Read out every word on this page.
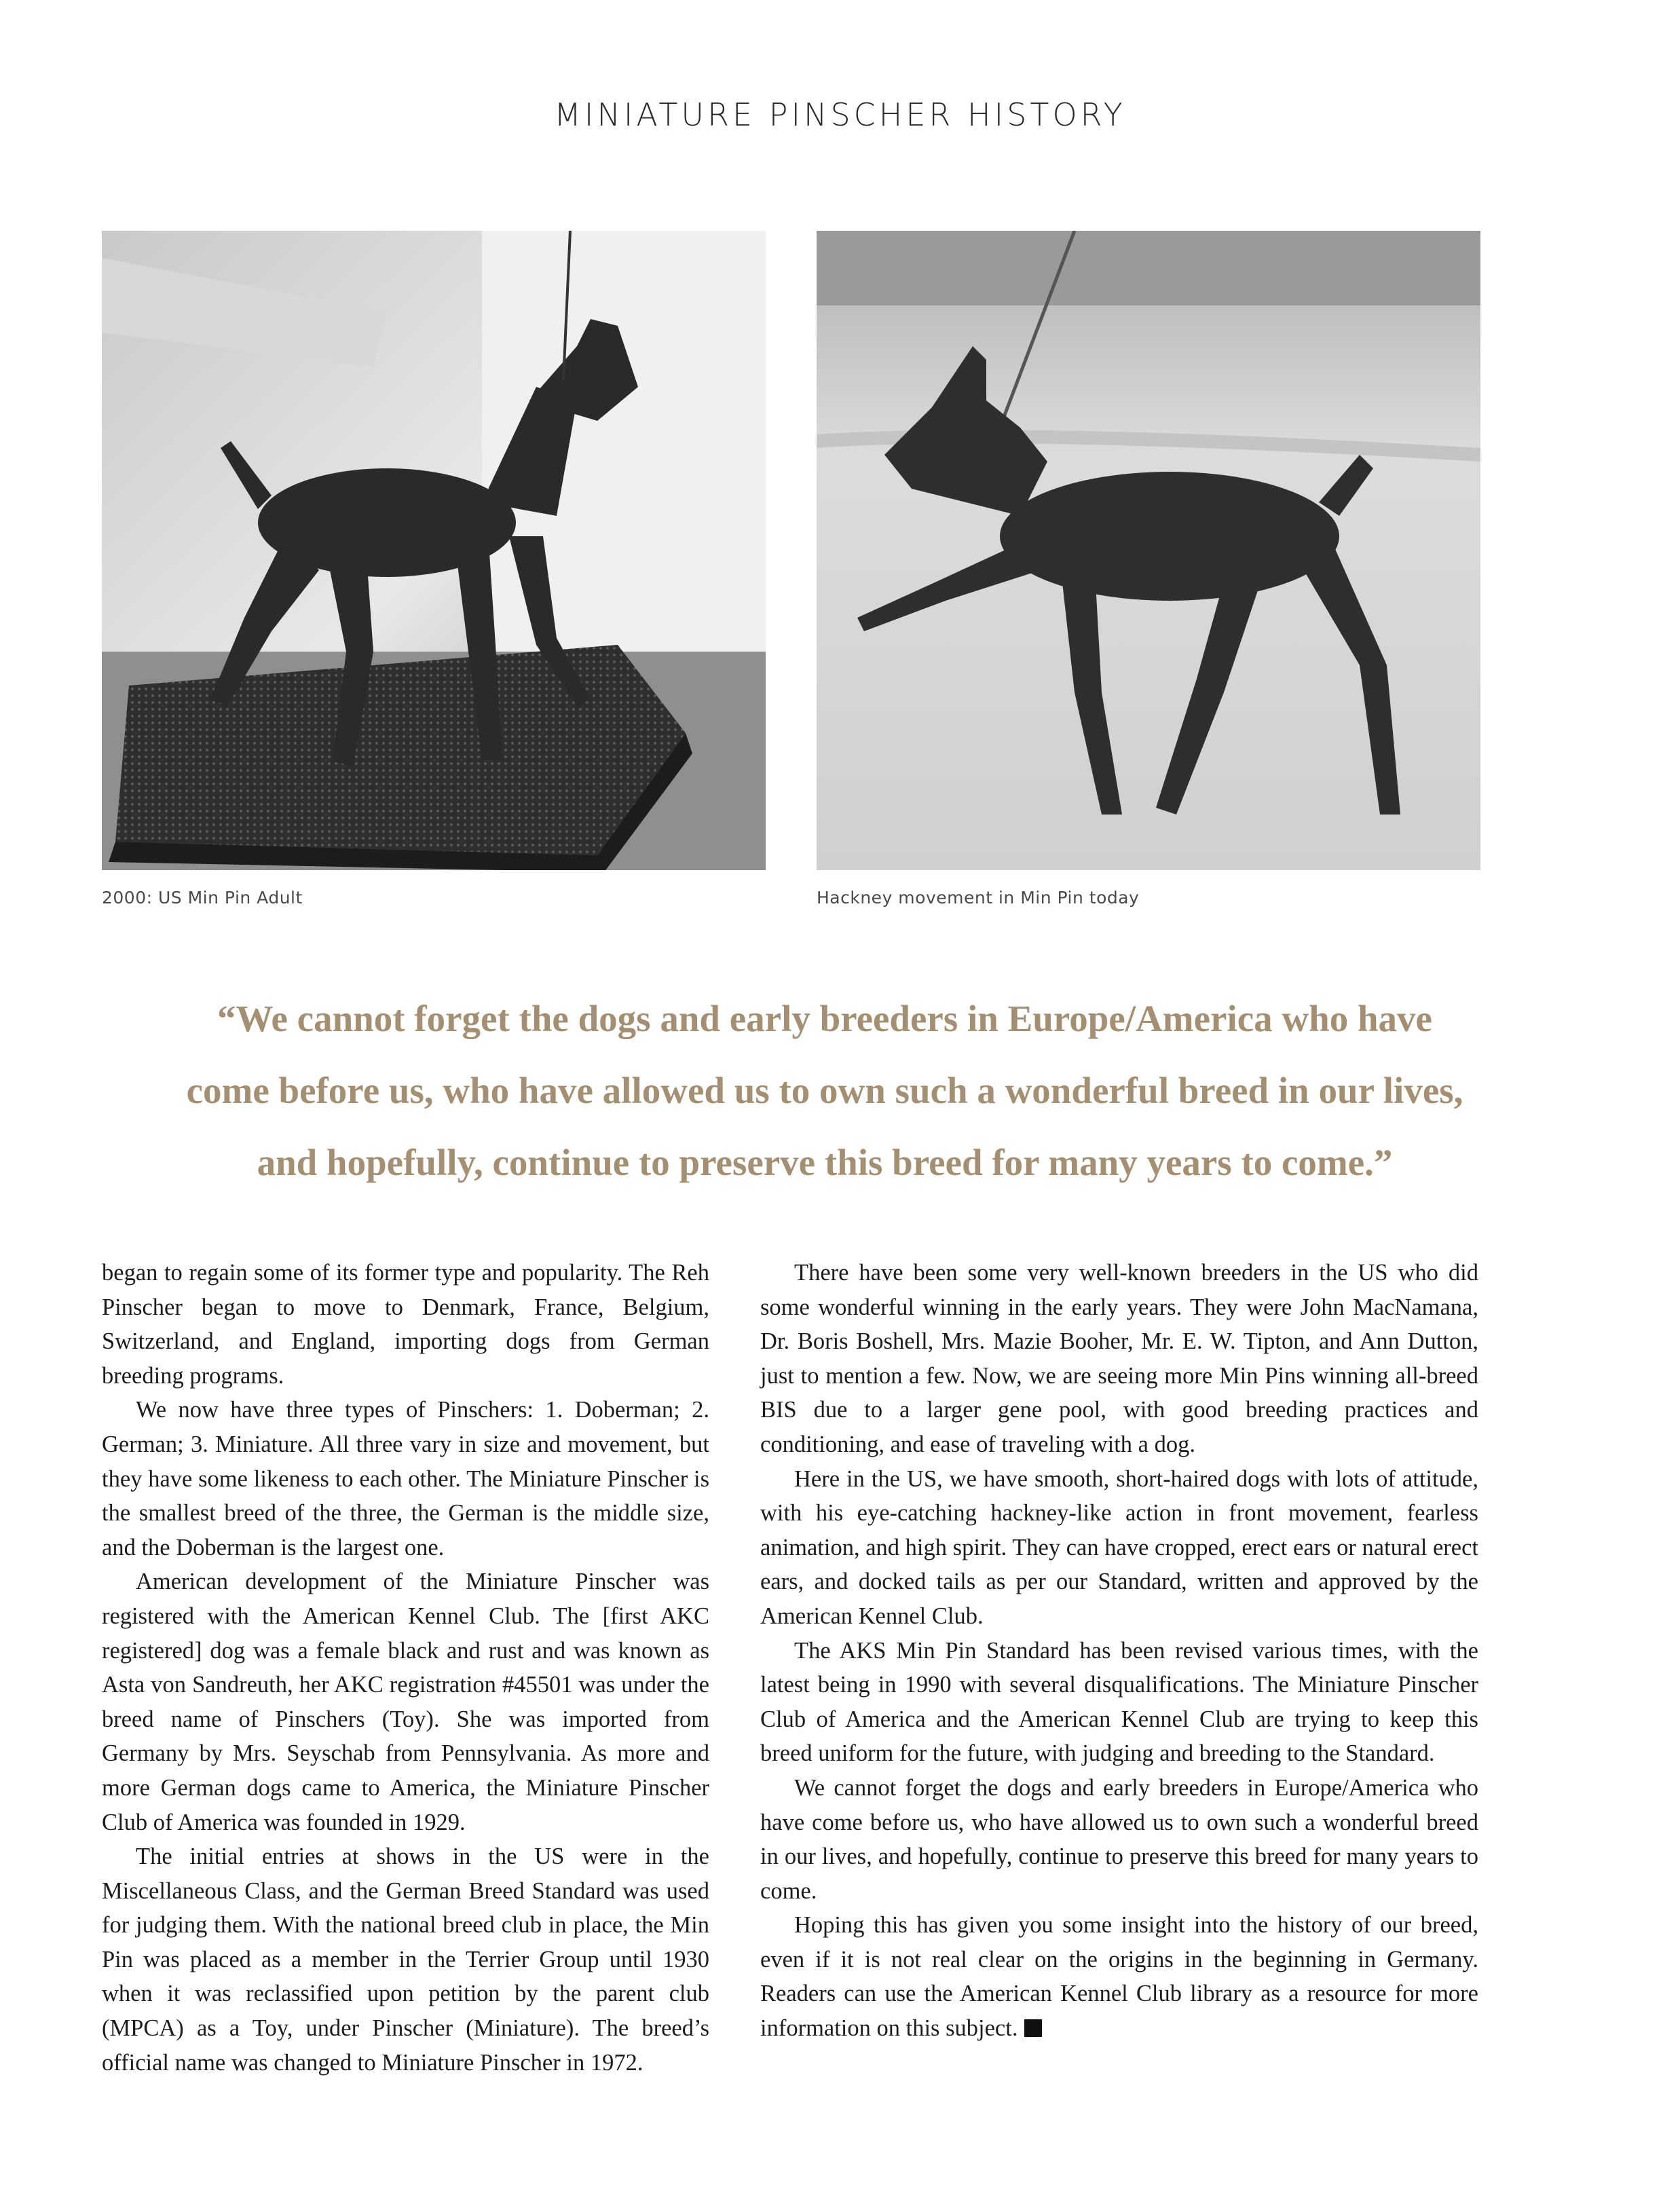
MINIATURE PINSCHER HISTORY
2000: US Min Pin Adult	Hackney movement in Min Pin today
“We cannot forget the dogs and early breeders in Europe/America who have
come before us, who have allowed us to own such a wonderful breed in our lives,
and hopefully, continue to preserve this breed for many years to come.”

began to regain some of its former type and popularity. The Reh Pinscher began to move to Denmark, France, Belgium, Switzerland, and England, importing dogs from German breeding programs.

We now have three types of Pinschers: 1. Doberman; 2. German; 3. Miniature. All three vary in size and movement, but they have some likeness to each other. The Miniature Pinscher is the smallest breed of the three, the German is the middle size, and the Doberman is the largest one.

American development of the Miniature Pinscher was registered with the American Kennel Club. The [first AKC registered] dog was a female black and rust and was known as Asta von Sandreuth, her AKC registration #45501 was under the breed name of Pinschers (Toy). She was imported from Germany by Mrs. Seyschab from Pennsylvania. As more and more German dogs came to America, the Miniature Pinscher Club of America was founded in 1929.

The initial entries at shows in the US were in the Miscellaneous Class, and the German Breed Standard was used for judging them. With the national breed club in place, the Min Pin was placed as a member in the Terrier Group until 1930 when it was reclassified upon petition by the parent club (MPCA) as a Toy, under Pinscher (Miniature). The breed’s official name was changed to Miniature Pinscher in 1972.

There have been some very well-known breeders in the US who did some wonderful winning in the early years. They were John MacNamana, Dr. Boris Boshell, Mrs. Mazie Booher, Mr. E. W. Tipton, and Ann Dutton, just to mention a few. Now, we are seeing more Min Pins winning all-breed BIS due to a larger gene pool, with good breeding practices and conditioning, and ease of traveling with a dog.

Here in the US, we have smooth, short-haired dogs with lots of attitude, with his eye-catching hackney-like action in front movement, fearless animation, and high spirit. They can have cropped, erect ears or natural erect ears, and docked tails as per our Standard, written and approved by the American Kennel Club.

The AKS Min Pin Standard has been revised various times, with the latest being in 1990 with several disqualifications. The Miniature Pinscher Club of America and the American Kennel Club are trying to keep this breed uniform for the future, with judging and breeding to the Standard.

We cannot forget the dogs and early breeders in Europe/America who have come before us, who have allowed us to own such a wonderful breed in our lives, and hopefully, continue to preserve this breed for many years to come.

Hoping this has given you some insight into the history of our breed, even if it is not real clear on the origins in the beginning in Germany. Readers can use the American Kennel Club library as a resource for more information on this subject.
